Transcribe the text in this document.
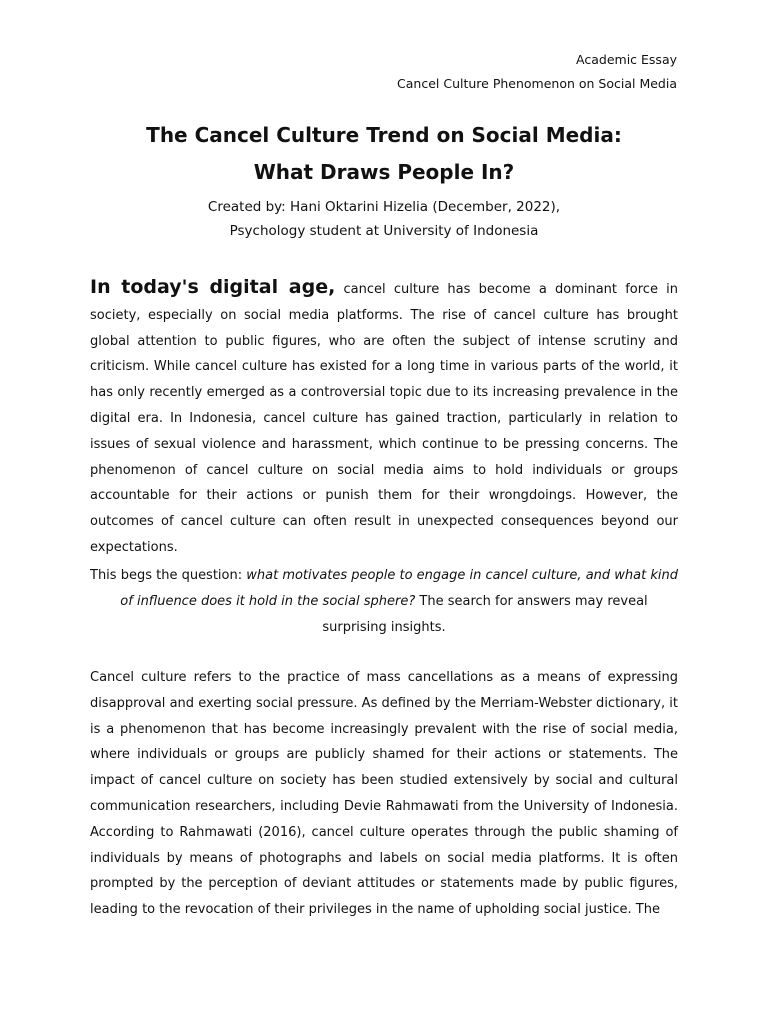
Academic Essay
Cancel Culture Phenomenon on Social Media
The Cancel Culture Trend on Social Media:
What Draws People In?
Created by: Hani Oktarini Hizelia (December, 2022),
Psychology student at University of Indonesia

In today's digital age, cancel culture has become a dominant force in society, especially on social media platforms. The rise of cancel culture has brought global attention to public figures, who are often the subject of intense scrutiny and criticism. While cancel culture has existed for a long time in various parts of the world, it has only recently emerged as a controversial topic due to its increasing prevalence in the digital era. In Indonesia, cancel culture has gained traction, particularly in relation to issues of sexual violence and harassment, which continue to be pressing concerns. The phenomenon of cancel culture on social media aims to hold individuals or groups accountable for their actions or punish them for their wrongdoings. However, the outcomes of cancel culture can often result in unexpected consequences beyond our expectations.

This begs the question: what motivates people to engage in cancel culture, and what kind of influence does it hold in the social sphere? The search for answers may reveal surprising insights.

Cancel culture refers to the practice of mass cancellations as a means of expressing disapproval and exerting social pressure. As defined by the Merriam-Webster dictionary, it is a phenomenon that has become increasingly prevalent with the rise of social media, where individuals or groups are publicly shamed for their actions or statements. The impact of cancel culture on society has been studied extensively by social and cultural communication researchers, including Devie Rahmawati from the University of Indonesia. According to Rahmawati (2016), cancel culture operates through the public shaming of individuals by means of photographs and labels on social media platforms. It is often prompted by the perception of deviant attitudes or statements made by public figures, leading to the revocation of their privileges in the name of upholding social justice. The
